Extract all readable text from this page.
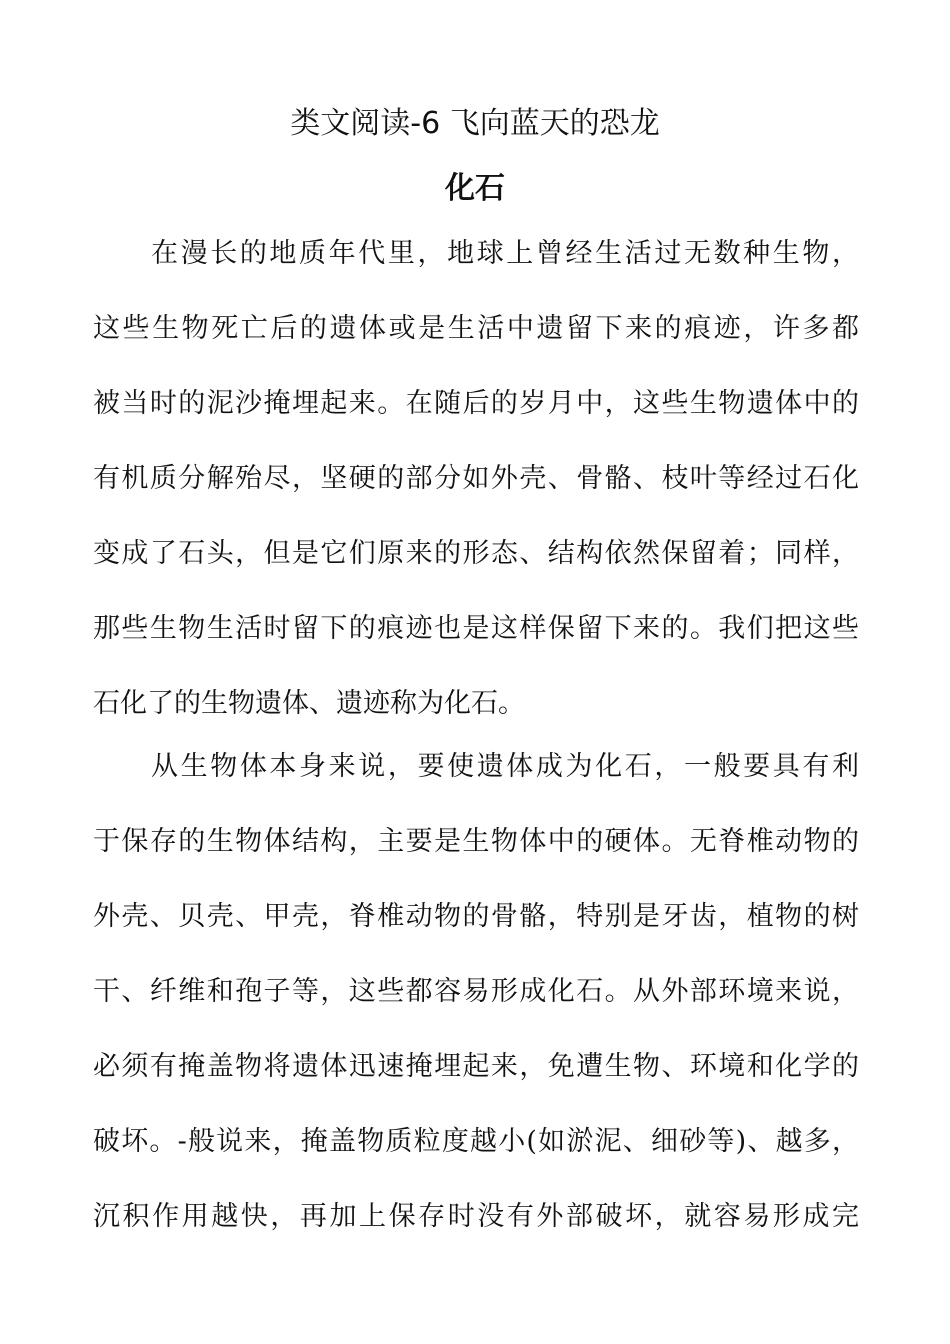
类文阅读-6 飞向蓝天的恐龙
化石
在漫长的地质年代里，地球上曾经生活过无数种生物，
这些生物死亡后的遗体或是生活中遗留下来的痕迹，许多都
被当时的泥沙掩埋起来。在随后的岁月中，这些生物遗体中的
有机质分解殆尽，坚硬的部分如外壳、骨骼、枝叶等经过石化
变成了石头，但是它们原来的形态、结构依然保留着；同样，
那些生物生活时留下的痕迹也是这样保留下来的。我们把这些
石化了的生物遗体、遗迹称为化石。
从生物体本身来说，要使遗体成为化石，一般要具有利
于保存的生物体结构，主要是生物体中的硬体。无脊椎动物的
外壳、贝壳、甲壳，脊椎动物的骨骼，特别是牙齿，植物的树
干、纤维和孢子等，这些都容易形成化石。从外部环境来说，
必须有掩盖物将遗体迅速掩埋起来，免遭生物、环境和化学的
破坏。-般说来，掩盖物质粒度越小(如淤泥、细砂等)、越多，
沉积作用越快，再加上保存时没有外部破坏，就容易形成完
